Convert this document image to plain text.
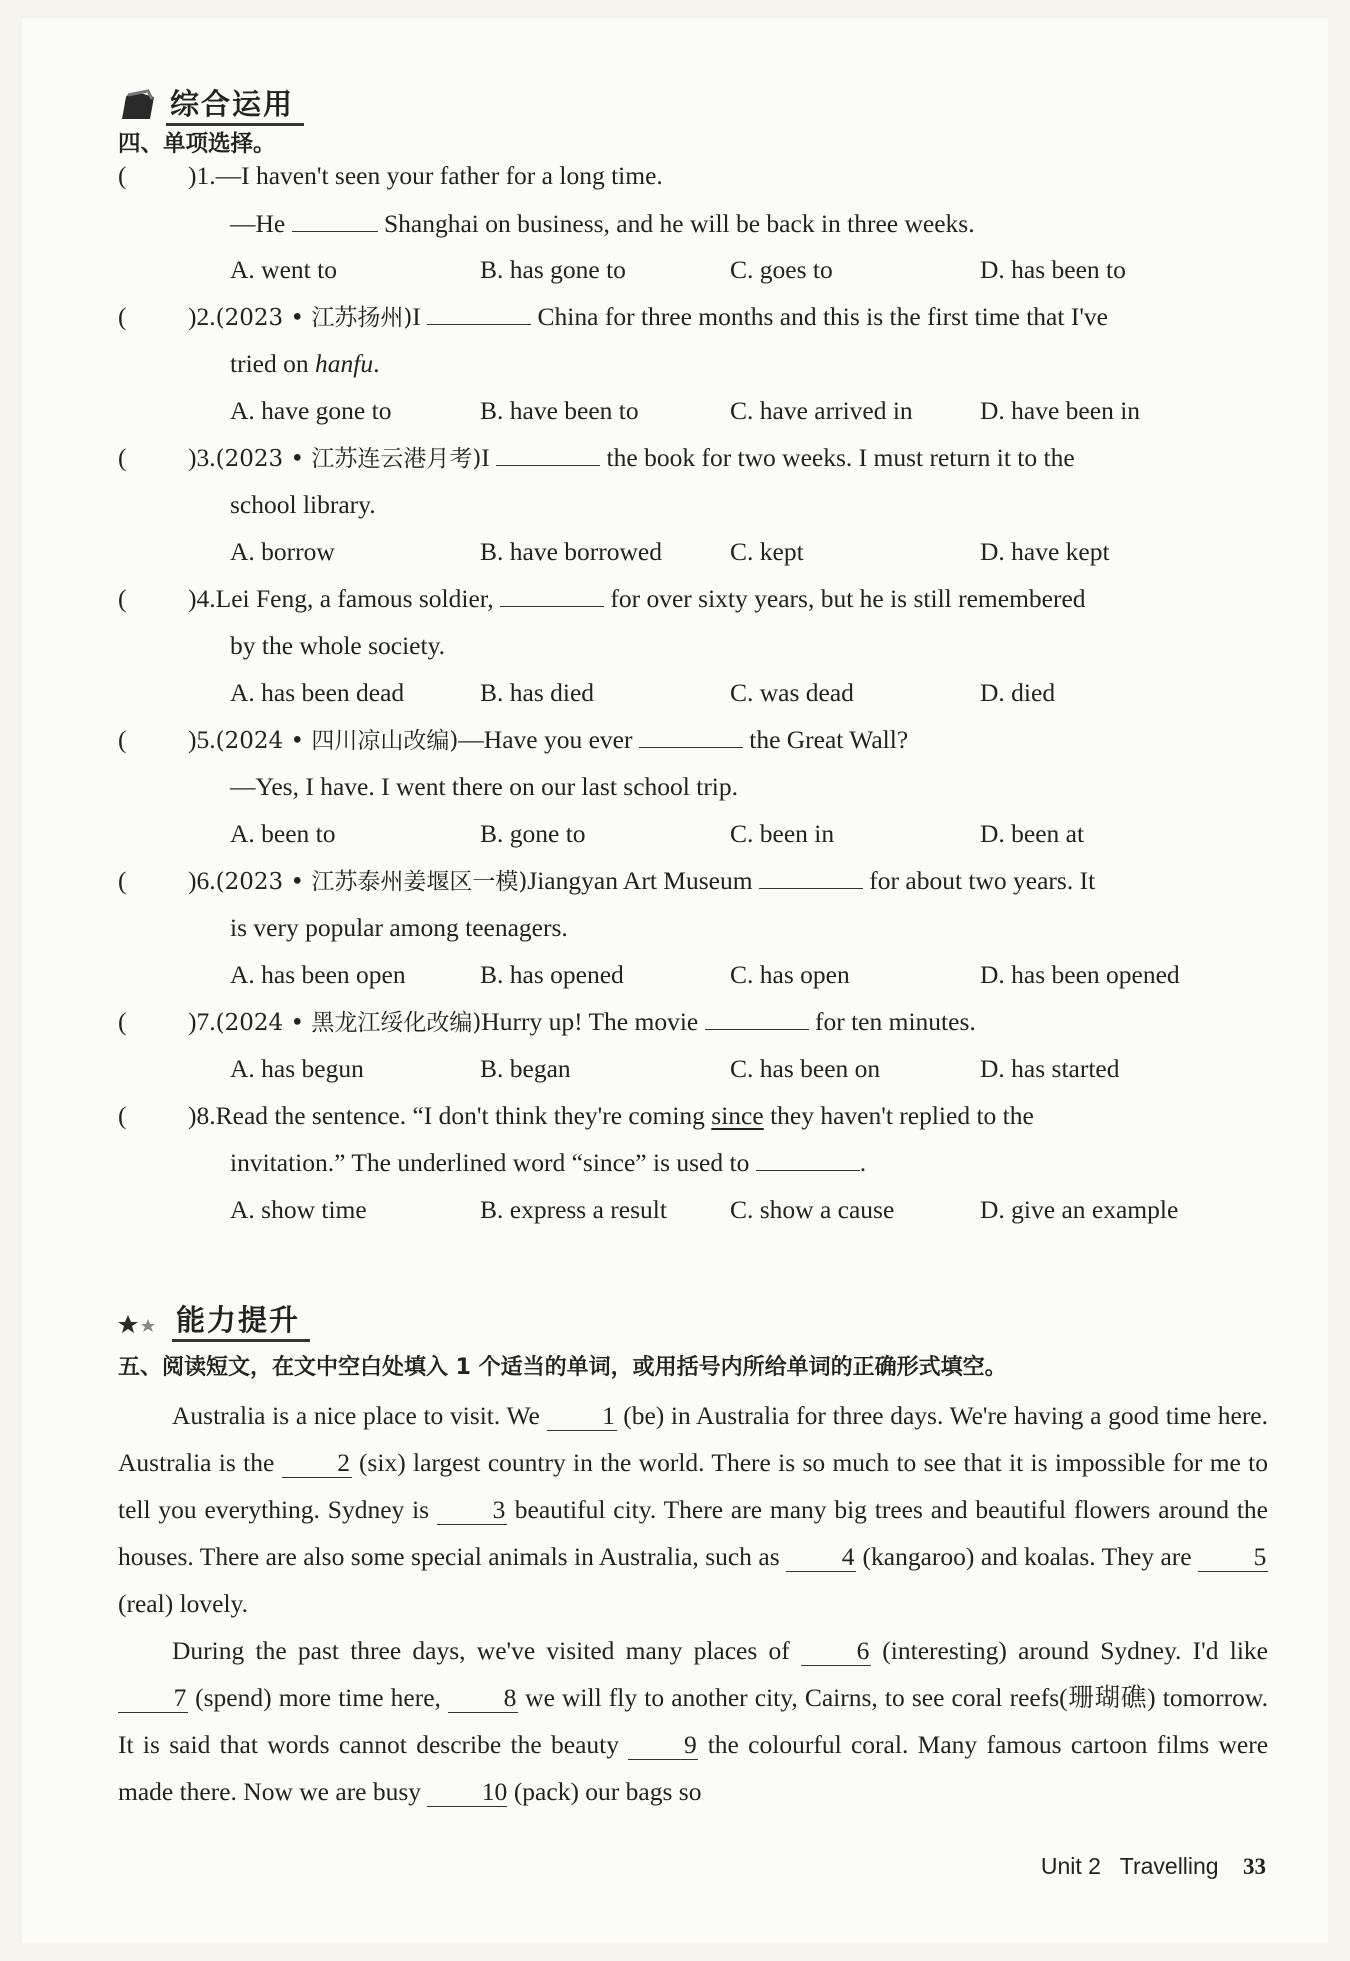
综合运用
四、单项选择。
( )1.—I haven't seen your father for a long time.
—He	Shanghai on business, and he will be back in three weeks.
A. went to	B. has gone to	C. goes to	D. has been to
( )2.(2023 • 江苏扬州)I	China for three months and this is the first time that I've
tried on hanfu.
A. have gone to	B. have been to	C. have arrived in	D. have been in
( )3.(2023 • 江苏连云港月考)I	the book for two weeks. I must return it to the
school library.
A. borrow	B. have borrowed	C. kept	D. have kept
( )4.Lei Feng, a famous soldier,	for over sixty years, but he is still remembered
by the whole society.
A. has been dead	B. has died	C. was dead	D. died
( )5.(2024 • 四川凉山改编)—Have you ever	the Great Wall?
—Yes, I have. I went there on our last school trip.
A. been to	B. gone to	C. been in	D. been at
( )6.(2023 • 江苏泰州姜堰区一模)Jiangyan Art Museum	for about two years. It
is very popular among teenagers.
A. has been open	B. has opened	C. has open	D. has been opened
( )7.(2024 • 黑龙江绥化改编)Hurry up! The movie	for ten minutes.
A. has begun	B. began	C. has been on	D. has started
( )8.Read the sentence. “I don't think they're coming since they haven't replied to the
invitation.” The underlined word “since” is used to	.
A. show time	B. express a result C. show a cause	D. give an example
能力提升
五、阅读短文，在文中空白处填入 1 个适当的单词，或用括号内所给单词的正确形式填空。
Australia is a nice place to visit. We 1 (be) in Australia for three days. We're having a good time here. Australia is the 2 (six) largest country in the world. There is so much to see that it is impossible for me to tell you everything. Sydney is 3 beautiful city. There are many big trees and beautiful flowers around the houses. There are also some special animals in Australia, such as 4 (kangaroo) and koalas. They are 5 (real) lovely.
During the past three days, we've visited many places of	6 (interesting) around Sydney. I'd like 7 (spend) more time here, 8 we will fly to another city, Cairns, to see coral reefs(珊瑚礁) tomorrow. It is said that words cannot describe the beauty	9 the colourful coral. Many famous cartoon films were made there. Now we are busy 10 (pack) our bags so
Unit 2 Travelling 33
